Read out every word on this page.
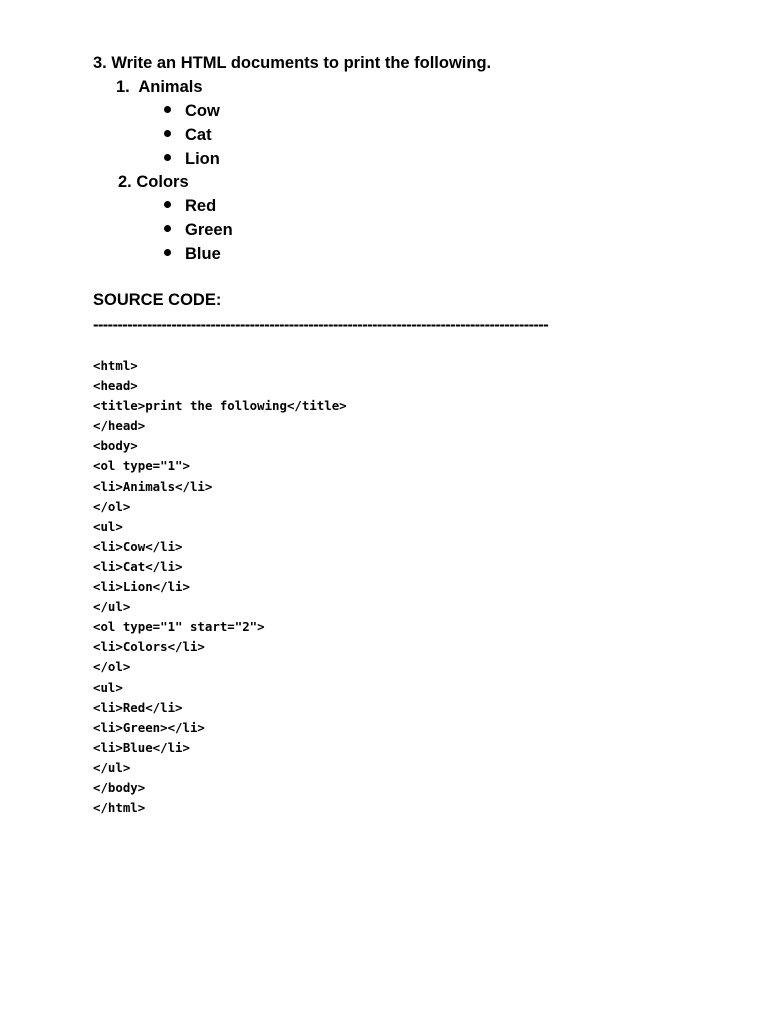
3. Write an HTML documents to print the following.
1. Animals
Cow
Cat
Lion
2. Colors
Red
Green
Blue
SOURCE CODE:
---------------------------------------------------------------------------------------------
<html>
<head>
<title>print the following</title>
</head>
<body>
<ol type="1">
<li>Animals</li>
</ol>
<ul>
<li>Cow</li>
<li>Cat</li>
<li>Lion</li>
</ul>
<ol type="1" start="2">
<li>Colors</li>
</ol>
<ul>
<li>Red</li>
<li>Green></li>
<li>Blue</li>
</ul>
</body>
</html>
